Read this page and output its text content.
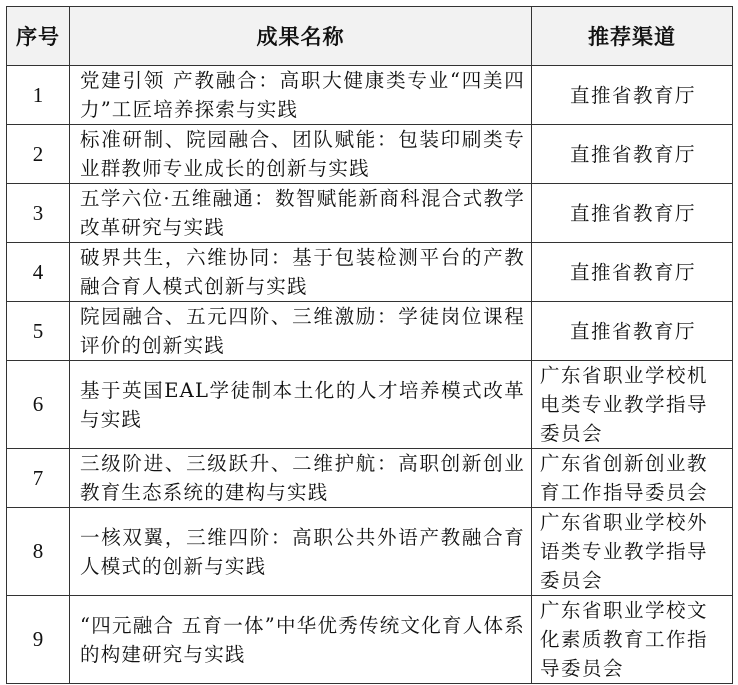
序号	成果名称	推荐渠道
1	党建引领 产教融合：高职大健康类专业“四美四力”工匠培养探索与实践	直推省教育厅
2	标准研制、院园融合、团队赋能：包装印刷类专业群教师专业成长的创新与实践	直推省教育厅
3	五学六位·五维融通：数智赋能新商科混合式教学改革研究与实践	直推省教育厅
4	破界共生，六维协同：基于包装检测平台的产教融合育人模式创新与实践	直推省教育厅
5	院园融合、五元四阶、三维激励：学徒岗位课程评价的创新实践	直推省教育厅
6	基于英国EAL学徒制本土化的人才培养模式改革与实践	广东省职业学校机电类专业教学指导委员会
7	三级阶进、三级跃升、二维护航：高职创新创业教育生态系统的建构与实践	广东省创新创业教育工作指导委员会
8	一核双翼，三维四阶：高职公共外语产教融合育人模式的创新与实践	广东省职业学校外语类专业教学指导委员会
9	“四元融合 五育一体”中华优秀传统文化育人体系的构建研究与实践	广东省职业学校文化素质教育工作指导委员会
